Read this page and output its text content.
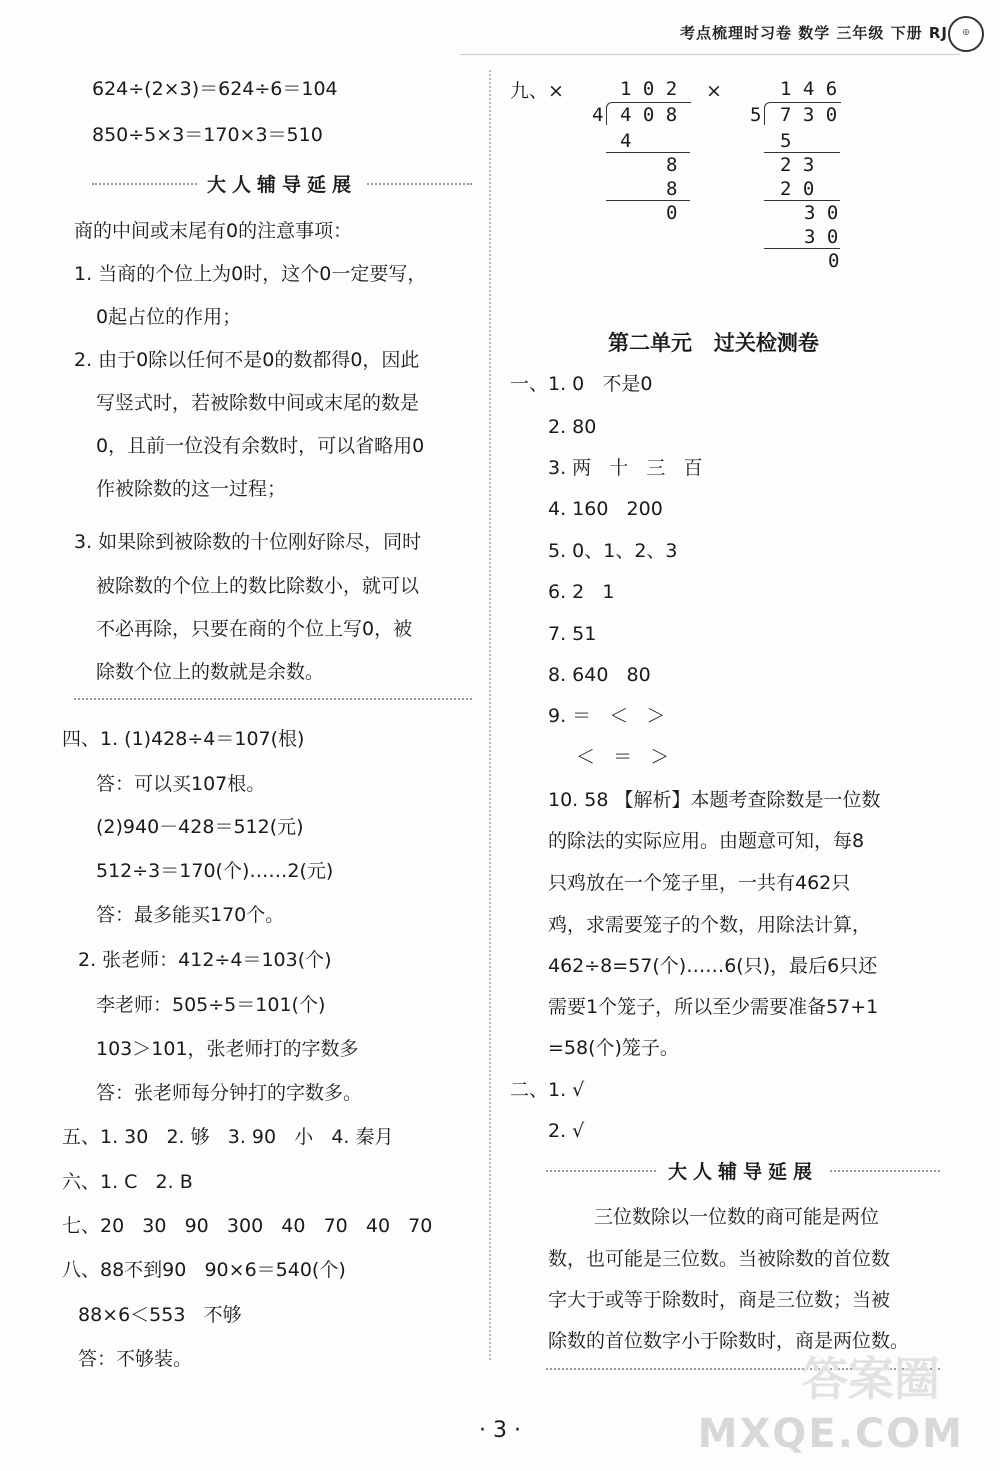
考点梳理时习卷 数学 三年级 下册 RJ	◎
624÷(2×3)＝624÷6＝104
850÷5×3＝170×3＝510
大人辅导延展
商的中间或末尾有0的注意事项：
1. 当商的个位上为0时，这个0一定要写，
0起占位的作用；
2. 由于0除以任何不是0的数都得0，因此
写竖式时，若被除数中间或末尾的数是
0，且前一位没有余数时，可以省略用0
作被除数的这一过程；
3. 如果除到被除数的十位刚好除尽，同时
被除数的个位上的数比除数小，就可以
不必再除，只要在商的个位上写0，被
除数个位上的数就是余数。
四、1. (1)428÷4＝107(根)
答：可以买107根。
(2)940－428＝512(元)
512÷3＝170(个)……2(元)
答：最多能买170个。
2. 张老师：412÷4＝103(个)
李老师：505÷5＝101(个)
103＞101，张老师打的字数多
答：张老师每分钟打的字数多。
五、1. 30   2. 够   3. 90   小   4. 秦月
六、1. C   2. B
七、20   30   90   300   40   70   40   70
八、88不到90   90×6＝540(个)
88×6＜553   不够
答：不够装。
九、×	1 0 2
4 4 0 8
4
8
8
0
×	1 4 6
5 7 3 0
5
2 3
2 0
3 0
3 0
0
第二单元   过关检测卷
一、1. 0   不是0
2. 80
3. 两   十   三   百
4. 160   200
5. 0、1、2、3
6. 2   1
7. 51
8. 640   80
9. ＝   ＜   ＞
＜   ＝   ＞
10. 58 【解析】本题考查除数是一位数
的除法的实际应用。由题意可知，每8
只鸡放在一个笼子里，一共有462只
鸡，求需要笼子的个数，用除法计算，
462÷8=57(个)……6(只)，最后6只还
需要1个笼子，所以至少需要准备57+1
=58(个)笼子。
二、1. √
2. √
大人辅导延展
三位数除以一位数的商可能是两位
数，也可能是三位数。当被除数的首位数
字大于或等于除数时，商是三位数；当被
除数的首位数字小于除数时，商是两位数。
· 3 ·
答案圈
MXQE.COM
